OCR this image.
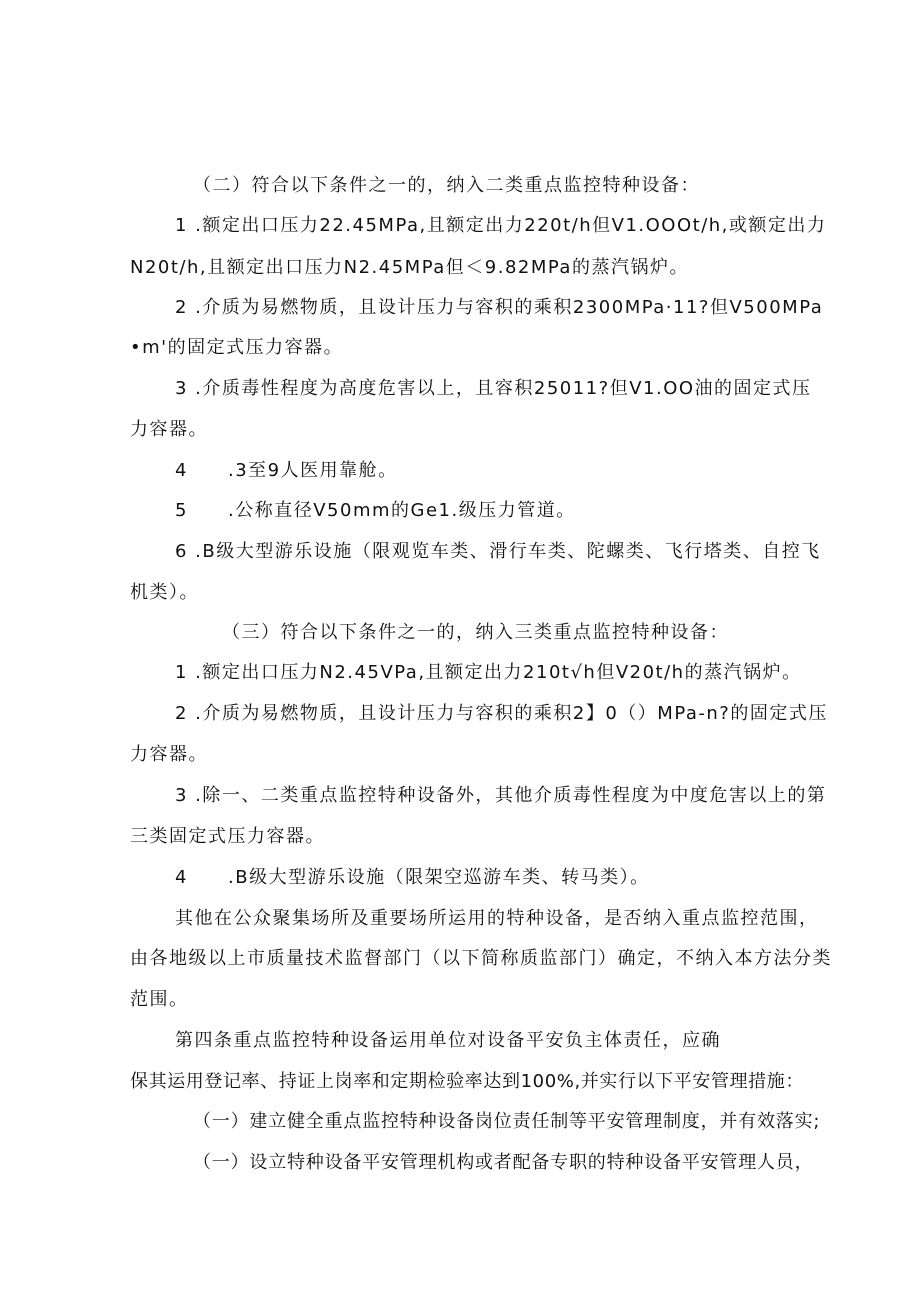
（二）符合以下条件之一的，纳入二类重点监控特种设备：
1 .额定出口压力22.45MPa,且额定出力220t/h但V1.OOOt/h,或额定出力
N20t/h,且额定出口压力N2.45MPa但＜9.82MPa的蒸汽锅炉。
2 .介质为易燃物质，且设计压力与容积的乘积2300MPa·11?但V500MPa
•m'的固定式压力容器。
3 .介质毒性程度为高度危害以上，且容积25011?但V1.OO油的固定式压
力容器。
4 .3至9人医用靠舱。
5 .公称直径V50mm的Ge1.级压力管道。
6 .B级大型游乐设施（限观览车类、滑行车类、陀螺类、飞行塔类、自控飞
机类）。
（三）符合以下条件之一的，纳入三类重点监控特种设备：
1 .额定出口压力N2.45VPa,且额定出力210t√h但V20t/h的蒸汽锅炉。
2 .介质为易燃物质，且设计压力与容积的乘积2】0（）MPa-n?的固定式压
力容器。
3 .除一、二类重点监控特种设备外，其他介质毒性程度为中度危害以上的第
三类固定式压力容器。
4 .B级大型游乐设施（限架空巡游车类、转马类）。
其他在公众聚集场所及重要场所运用的特种设备，是否纳入重点监控范围，
由各地级以上市质量技术监督部门（以下简称质监部门）确定，不纳入本方法分类
范围。
第四条重点监控特种设备运用单位对设备平安负主体责任，应确
保其运用登记率、持证上岗率和定期检验率达到100%,并实行以下平安管理措施：
（一）建立健全重点监控特种设备岗位责任制等平安管理制度，并有效落实;
（一）设立特种设备平安管理机构或者配备专职的特种设备平安管理人员，
